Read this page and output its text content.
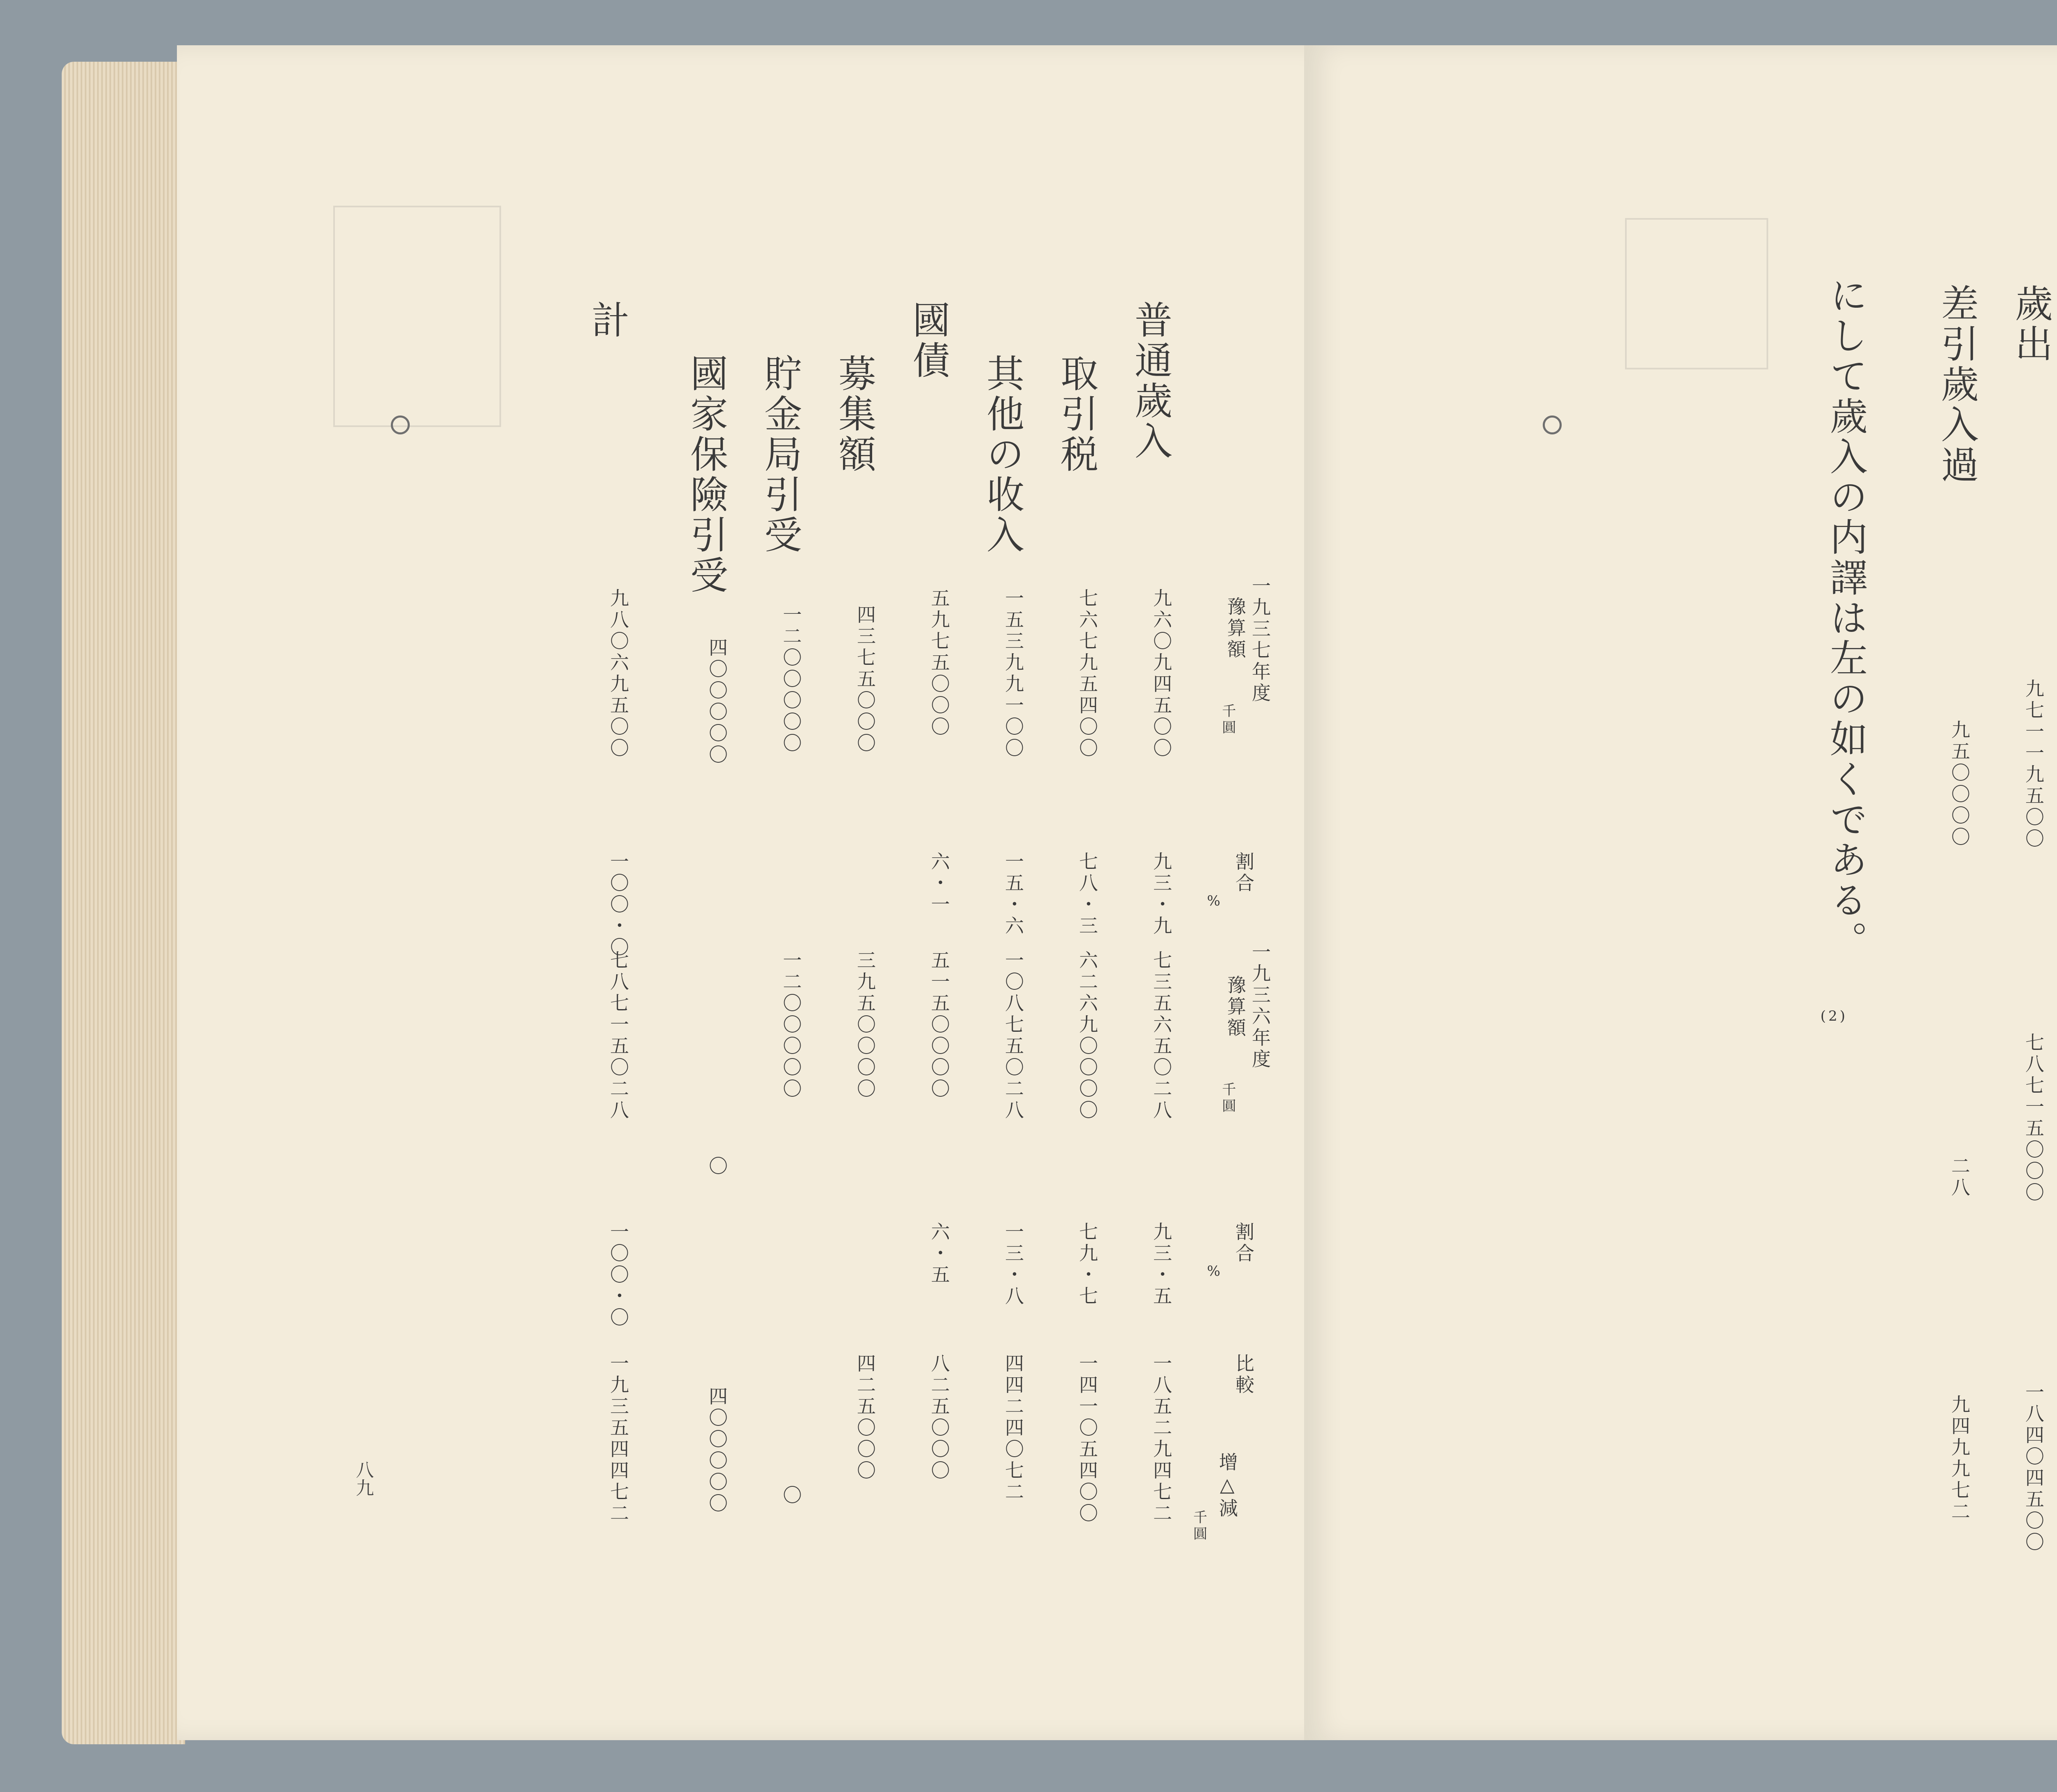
一九三七年度
豫算額
千圓
割合
%
一九三六年度
豫算額
千圓
割合
%
比較
增△減
千圓
普通歲入
九六〇九四五〇〇
九三・九
七三五六五〇二八
九三・五
一八五二九四七二
取引税
七六七九五四〇〇
七八・三
六二六九〇〇〇〇
七九・七
一四一〇五四〇〇
其他の收入
一五三九九一〇〇
一五・六
一〇八七五〇二八
一三・八
四四二四〇七二
國債
五九七五〇〇〇
六・一
五一五〇〇〇〇
六・五
八二五〇〇〇
募集額
四三七五〇〇〇
三九五〇〇〇〇
四二五〇〇〇
貯金局引受
一二〇〇〇〇〇
一二〇〇〇〇〇
〇
國家保險引受
四〇〇〇〇〇
〇
四〇〇〇〇〇
計
九八〇六九五〇〇
一〇〇・〇
七八七一五〇二八
一〇〇・〇
一九三五四四七二
八九
歲出
九七一一九五〇〇
七八七一五〇〇〇
一八四〇四五〇〇
差引歲入過
九五〇〇〇〇
二八
九四九九七二
にして歲入の内譯は左の如くである。
(2)
